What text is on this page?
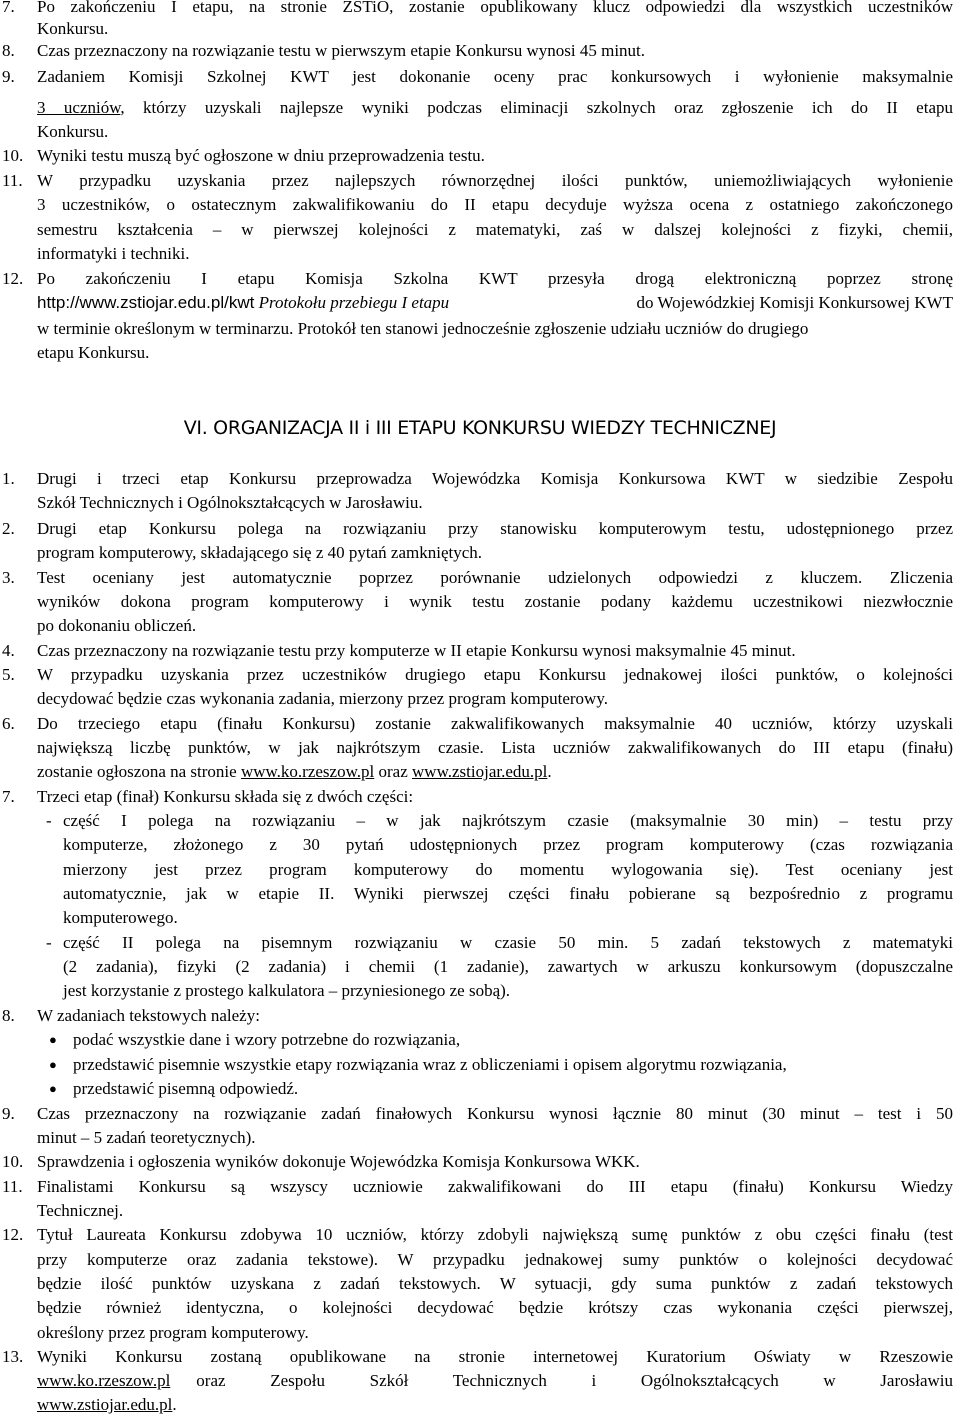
7. Po zakończeniu I etapu, na stronie ZSTiO, zostanie opublikowany klucz odpowiedzi dla wszystkich uczestników
Konkursu.
8. Czas przeznaczony na rozwiązanie testu w pierwszym etapie Konkursu wynosi 45 minut.
9. Zadaniem Komisji Szkolnej KWT jest dokonanie oceny prac konkursowych i wyłonienie maksymalnie
3 uczniów, którzy uzyskali najlepsze wyniki podczas eliminacji szkolnych oraz zgłoszenie ich do II etapu
Konkursu.
10. Wyniki testu muszą być ogłoszone w dniu przeprowadzenia testu.
11. W przypadku uzyskania przez najlepszych równorzędnej ilości punktów, uniemożliwiających wyłonienie
3 uczestników, o ostatecznym zakwalifikowaniu do II etapu decyduje wyższa ocena z ostatniego zakończonego
semestru kształcenia – w pierwszej kolejności z matematyki, zaś w dalszej kolejności z fizyki, chemii,
informatyki i techniki.
12. Po zakończeniu I etapu Komisja Szkolna KWT przesyła drogą elektroniczną poprzez stronę
http://www.zstiojar.edu.pl/kwt Protokołu przebiegu I etapu	do Wojewódzkiej Komisji Konkursowej KWT
w terminie określonym w terminarzu. Protokół ten stanowi jednocześnie zgłoszenie udziału uczniów do drugiego
etapu Konkursu.
VI. ORGANIZACJA II i III ETAPU KONKURSU WIEDZY TECHNICZNEJ
1. Drugi i trzeci etap Konkursu przeprowadza Wojewódzka Komisja Konkursowa KWT w siedzibie Zespołu
Szkół Technicznych i Ogólnokształcących w Jarosławiu.
2. Drugi etap Konkursu polega na rozwiązaniu przy stanowisku komputerowym testu, udostępnionego przez
program komputerowy, składającego się z 40 pytań zamkniętych.
3. Test oceniany jest automatycznie poprzez porównanie udzielonych odpowiedzi z kluczem. Zliczenia
wyników dokona program komputerowy i wynik testu zostanie podany każdemu uczestnikowi niezwłocznie
po dokonaniu obliczeń.
4. Czas przeznaczony na rozwiązanie testu przy komputerze w II etapie Konkursu wynosi maksymalnie 45 minut.
5. W przypadku uzyskania przez uczestników drugiego etapu Konkursu jednakowej ilości punktów, o kolejności
decydować będzie czas wykonania zadania, mierzony przez program komputerowy.
6. Do trzeciego etapu (finału Konkursu) zostanie zakwalifikowanych maksymalnie 40 uczniów, którzy uzyskali
największą liczbę punktów, w jak najkrótszym czasie. Lista uczniów zakwalifikowanych do III etapu (finału)
zostanie ogłoszona na stronie www.ko.rzeszow.pl oraz www.zstiojar.edu.pl.
7. Trzeci etap (finał) Konkursu składa się z dwóch części:
- część I polega na rozwiązaniu – w jak najkrótszym czasie (maksymalnie 30 min) – testu przy
komputerze, złożonego z 30 pytań udostępnionych przez program komputerowy (czas rozwiązania
mierzony jest przez program komputerowy do momentu wylogowania się). Test oceniany jest
automatycznie, jak w etapie II. Wyniki pierwszej części finału pobierane są bezpośrednio z programu
komputerowego.
- część II polega na pisemnym rozwiązaniu w czasie 50 min. 5 zadań tekstowych z matematyki
(2 zadania), fizyki (2 zadania) i chemii (1 zadanie), zawartych w arkuszu konkursowym (dopuszczalne
jest korzystanie z prostego kalkulatora – przyniesionego ze sobą).
8. W zadaniach tekstowych należy:
● podać wszystkie dane i wzory potrzebne do rozwiązania,
● przedstawić pisemnie wszystkie etapy rozwiązania wraz z obliczeniami i opisem algorytmu rozwiązania,
● przedstawić pisemną odpowiedź.
9. Czas przeznaczony na rozwiązanie zadań finałowych Konkursu wynosi łącznie 80 minut (30 minut – test i 50
minut – 5 zadań teoretycznych).
10. Sprawdzenia i ogłoszenia wyników dokonuje Wojewódzka Komisja Konkursowa WKK.
11. Finalistami Konkursu są wszyscy uczniowie zakwalifikowani do III etapu (finału) Konkursu Wiedzy
Technicznej.
12. Tytuł Laureata Konkursu zdobywa 10 uczniów, którzy zdobyli największą sumę punktów z obu części finału (test
przy komputerze oraz zadania tekstowe). W przypadku jednakowej sumy punktów o kolejności decydować
będzie ilość punktów uzyskana z zadań tekstowych. W sytuacji, gdy suma punktów z zadań tekstowych
będzie również identyczna, o kolejności decydować będzie krótszy czas wykonania części pierwszej,
określony przez program komputerowy.
13. Wyniki Konkursu zostaną opublikowane na stronie internetowej Kuratorium Oświaty w Rzeszowie
www.ko.rzeszow.pl oraz Zespołu Szkół Technicznych i Ogólnokształcących w Jarosławiu
www.zstiojar.edu.pl.
